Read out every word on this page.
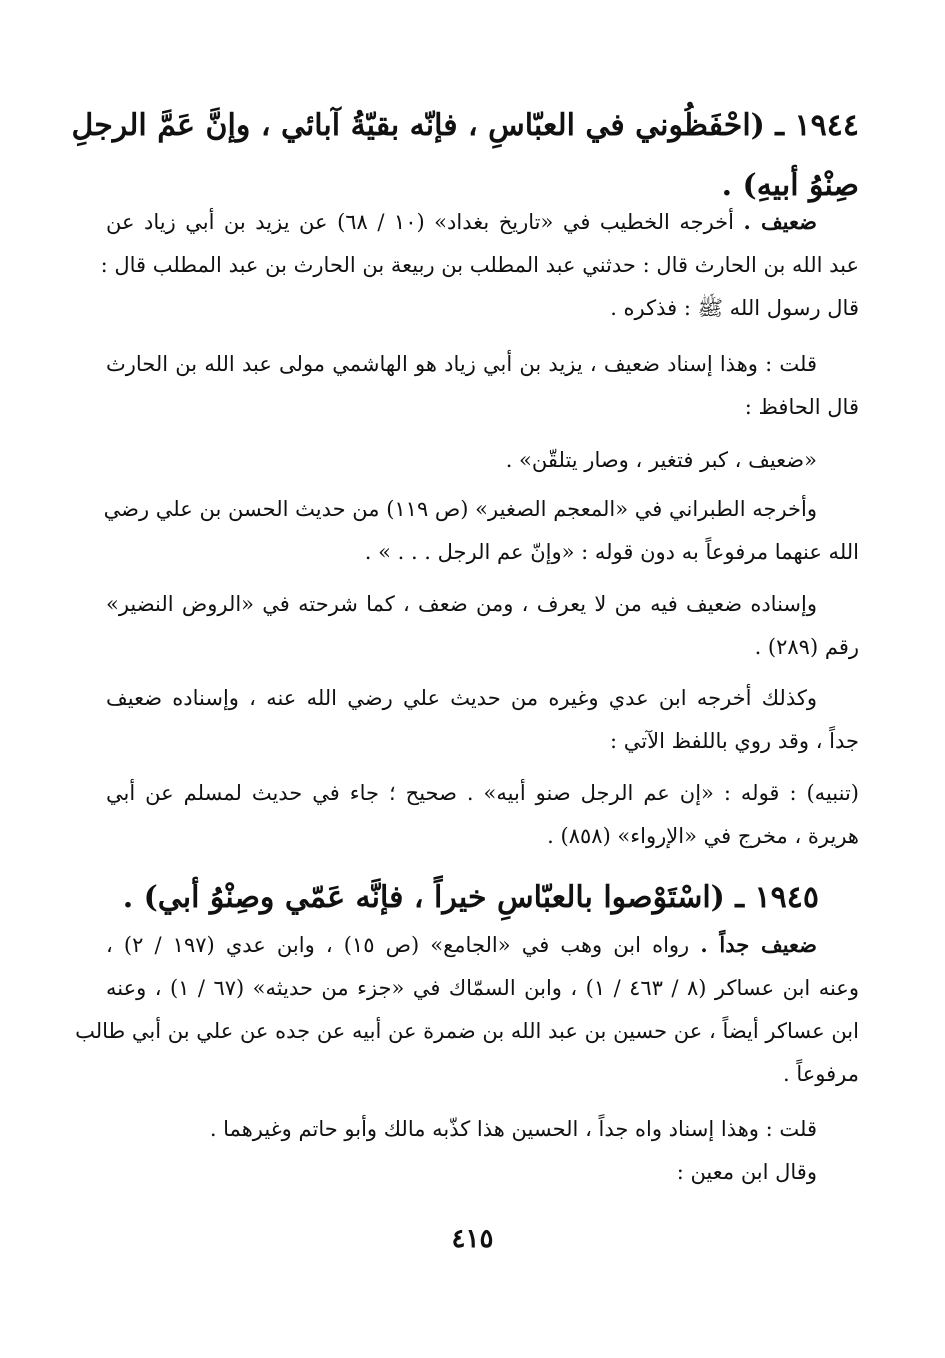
١٩٤٤ ـ (احْفَظُوني في العبّاسِ ، فإنّه بقيّةُ آبائي ، وإنَّ عَمَّ الرجلِ
صِنْوُ أبيهِ) .
ضعيف . أخرجه الخطيب في «تاريخ بغداد» (١٠ / ٦٨) عن يزيد بن أبي زياد عن
عبد الله بن الحارث قال : حدثني عبد المطلب بن ربيعة بن الحارث بن عبد المطلب قال :
قال رسول الله ﷺ : فذكره .
قلت : وهذا إسناد ضعيف ، يزيد بن أبي زياد هو الهاشمي مولى عبد الله بن الحارث
قال الحافظ :
«ضعيف ، كبر فتغير ، وصار يتلقّن» .
وأخرجه الطبراني في «المعجم الصغير» (ص ١١٩) من حديث الحسن بن علي رضي
الله عنهما مرفوعاً به دون قوله : «وإنّ عم الرجل . . . » .
وإسناده ضعيف فيه من لا يعرف ، ومن ضعف ، كما شرحته في «الروض النضير»
رقم (٢٨٩) .
وكذلك أخرجه ابن عدي وغيره من حديث علي رضي الله عنه ، وإسناده ضعيف
جداً ، وقد روي باللفظ الآتي :
(تنبيه) : قوله : «إن عم الرجل صنو أبيه» . صحيح ؛ جاء في حديث لمسلم عن أبي
هريرة ، مخرج في «الإرواء» (٨٥٨) .
١٩٤٥ ـ (اسْتَوْصوا بالعبّاسِ خيراً ، فإنَّه عَمّي وصِنْوُ أبي) .
ضعيف جداً . رواه ابن وهب في «الجامع» (ص ١٥) ، وابن عدي (١٩٧ / ٢) ،
وعنه ابن عساكر (٨ / ٤٦٣ / ١) ، وابن السمّاك في «جزء من حديثه» (٦٧ / ١) ، وعنه
ابن عساكر أيضاً ، عن حسين بن عبد الله بن ضمرة عن أبيه عن جده عن علي بن أبي طالب
مرفوعاً .
قلت : وهذا إسناد واه جداً ، الحسين هذا كذّبه مالك وأبو حاتم وغيرهما .
وقال ابن معين :
٤١٥
